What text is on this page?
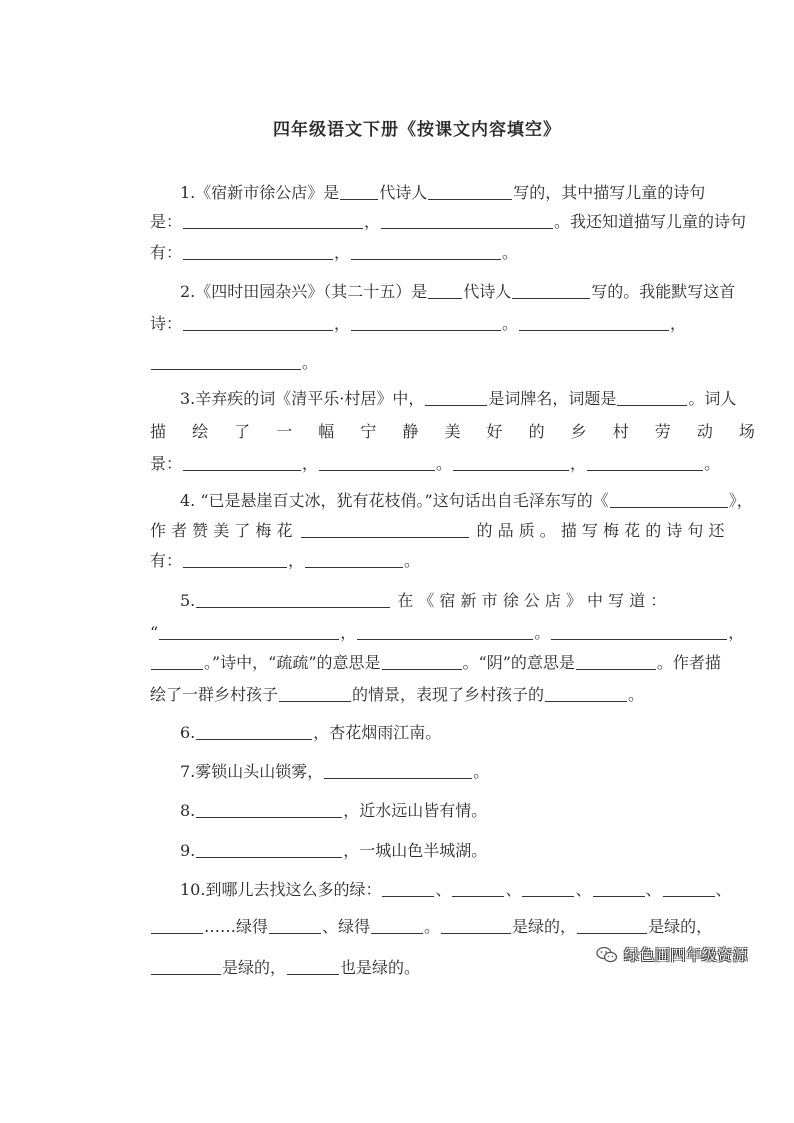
四年级语文下册《按课文内容填空》
1.《宿新市徐公店》是	代诗人	写的，其中描写儿童的诗句
是：	，	。我还知道描写儿童的诗句
有：	，	。
2.《四时田园杂兴》（其二十五）是 代诗人	写的。我能默写这首
诗：	，	。	，
。
3.辛弃疾的词《清平乐·村居》中，	是词牌名，词题是	。词人
描 绘 了 一 幅 宁 静 美 好 的 乡 村 劳 动 场
景：	，	。	，	。
4. “已是悬崖百丈冰，犹有花枝俏。”这句话出自毛泽东写的《	》，
作 者 赞 美 了 梅 花	的 品 质 。 描 写 梅 花 的 诗 句 还
有：	，	。
5.	在 《 宿 新 市 徐 公 店 》 中 写 道 ：
“	，	。	，
。”诗中，“疏疏”的意思是	。“阴”的意思是	。作者描
绘了一群乡村孩子	的情景，表现了乡村孩子的	。
6.	，杏花烟雨江南。
7.雾锁山头山锁雾，	。
8.	，近水远山皆有情。
9.	，一城山色半城湖。
10.到哪儿去找这么多的绿：	、	、	、	、	、
……绿得	、绿得	。	是绿的，	是绿的，
是绿的，	也是绿的。
绿色圃四年级资源
